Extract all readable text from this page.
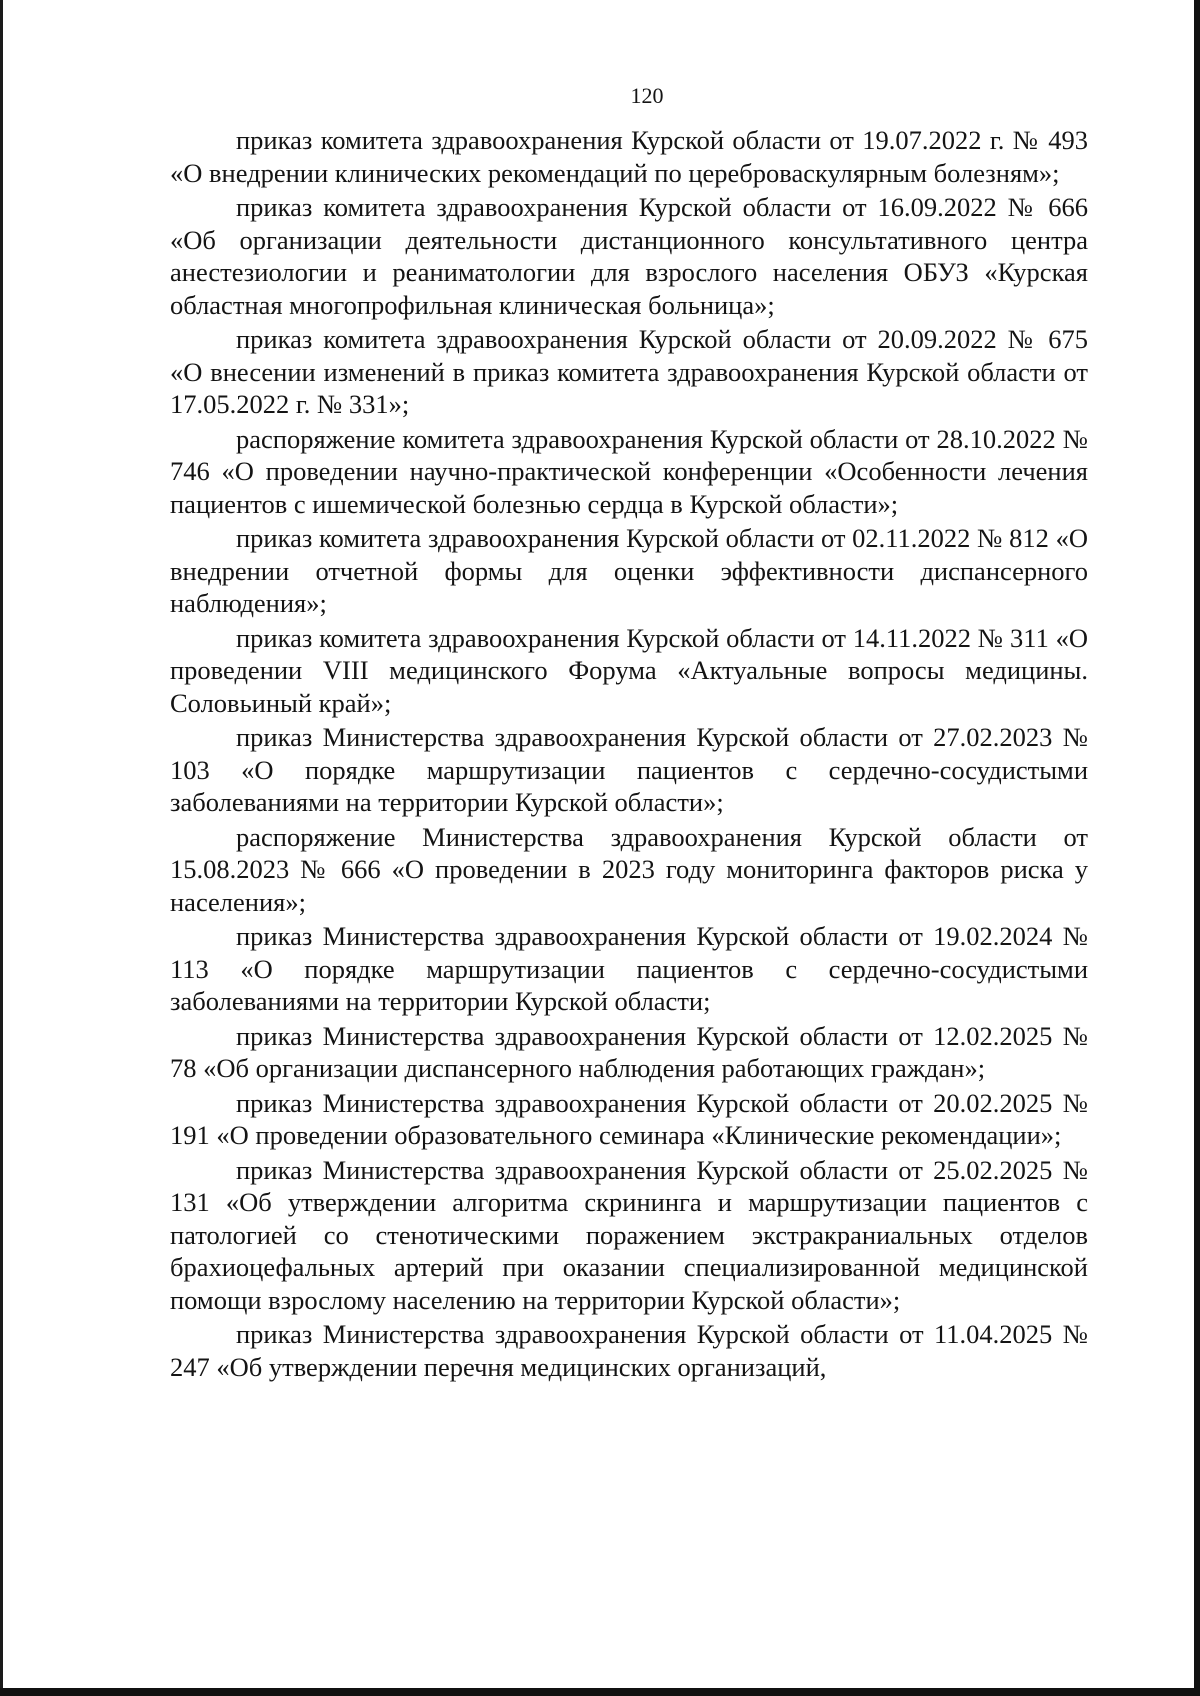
120

приказ комитета здравоохранения Курской области от 19.07.2022 г. № 493 «О внедрении клинических рекомендаций по цереброваскулярным болезням»;

приказ комитета здравоохранения Курской области от 16.09.2022 № 666 «Об организации деятельности дистанционного консультативного центра анестезиологии и реаниматологии для взрослого населения ОБУЗ «Курская областная многопрофильная клиническая больница»;

приказ комитета здравоохранения Курской области от 20.09.2022 № 675 «О внесении изменений в приказ комитета здравоохранения Курской области от 17.05.2022 г. № 331»;

распоряжение комитета здравоохранения Курской области от 28.10.2022 № 746 «О проведении научно-практической конференции «Особенности лечения пациентов с ишемической болезнью сердца в Курской области»;

приказ комитета здравоохранения Курской области от 02.11.2022 № 812 «О внедрении отчетной формы для оценки эффективности диспансерного наблюдения»;

приказ комитета здравоохранения Курской области от 14.11.2022 № 311 «О проведении VIII медицинского Форума «Актуальные вопросы медицины. Соловьиный край»;

приказ Министерства здравоохранения Курской области от 27.02.2023 № 103 «О порядке маршрутизации пациентов с сердечно-сосудистыми заболеваниями на территории Курской области»;

распоряжение Министерства здравоохранения Курской области от 15.08.2023 № 666 «О проведении в 2023 году мониторинга факторов риска у населения»;

приказ Министерства здравоохранения Курской области от 19.02.2024 № 113 «О порядке маршрутизации пациентов с сердечно-сосудистыми заболеваниями на территории Курской области;

приказ Министерства здравоохранения Курской области от 12.02.2025 № 78 «Об организации диспансерного наблюдения работающих граждан»;

приказ Министерства здравоохранения Курской области от 20.02.2025 № 191 «О проведении образовательного семинара «Клинические рекомендации»;

приказ Министерства здравоохранения Курской области от 25.02.2025 № 131 «Об утверждении алгоритма скрининга и маршрутизации пациентов с патологией со стенотическими поражением экстракраниальных отделов брахиоцефальных артерий при оказании специализированной медицинской помощи взрослому населению на территории Курской области»;

приказ Министерства здравоохранения Курской области от 11.04.2025 № 247 «Об утверждении перечня медицинских организаций,
